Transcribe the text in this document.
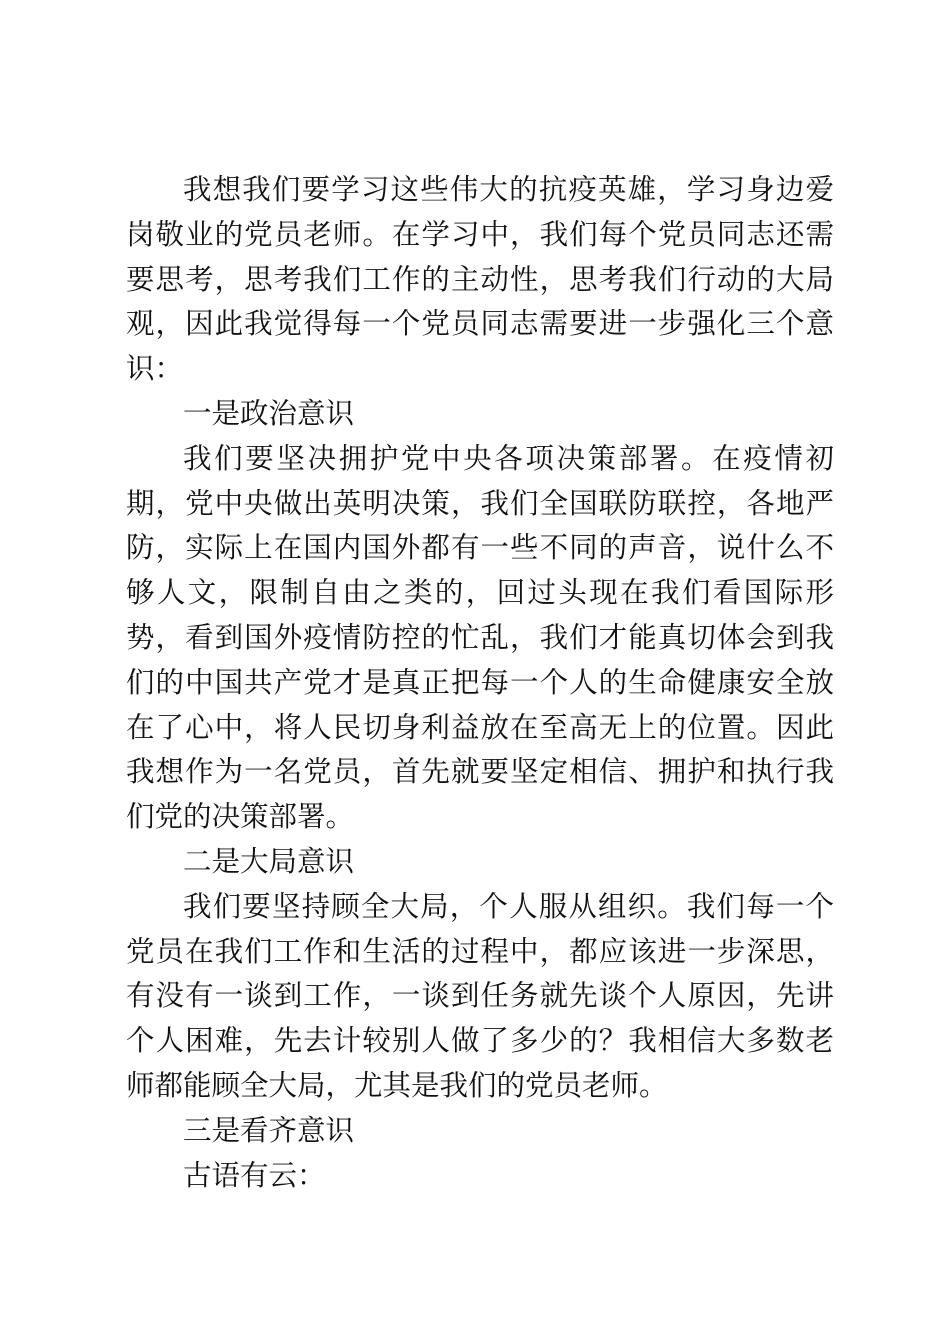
我想我们要学习这些伟大的抗疫英雄，学习身边爱岗敬业的党员老师。在学习中，我们每个党员同志还需要思考，思考我们工作的主动性，思考我们行动的大局观，因此我觉得每一个党员同志需要进一步强化三个意识：

一是政治意识

我们要坚决拥护党中央各项决策部署。在疫情初期，党中央做出英明决策，我们全国联防联控，各地严防，实际上在国内国外都有一些不同的声音，说什么不够人文，限制自由之类的，回过头现在我们看国际形势，看到国外疫情防控的忙乱，我们才能真切体会到我们的中国共产党才是真正把每一个人的生命健康安全放在了心中，将人民切身利益放在至高无上的位置。因此我想作为一名党员，首先就要坚定相信、拥护和执行我们党的决策部署。

二是大局意识

我们要坚持顾全大局，个人服从组织。我们每一个党员在我们工作和生活的过程中，都应该进一步深思，有没有一谈到工作，一谈到任务就先谈个人原因，先讲个人困难，先去计较别人做了多少的？我相信大多数老师都能顾全大局，尤其是我们的党员老师。

三是看齐意识

古语有云：
